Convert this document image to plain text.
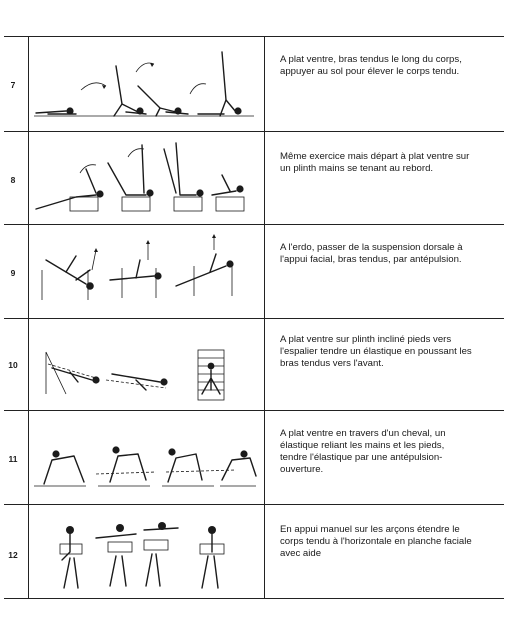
7
A plat ventre, bras tendus le long du corps,
appuyer au sol pour élever le corps tendu.
8
Même exercice mais départ à plat ventre sur
un plinth mains se tenant au rebord.
9
A l'erdo, passer de la suspension dorsale à
l'appui facial, bras tendus, par antépulsion.
10
A plat ventre sur plinth incliné pieds vers
l'espalier tendre un élastique en poussant les
bras tendus vers l'avant.
11
A plat ventre en travers d'un cheval, un
élastique reliant les mains et les pieds,
tendre l'élastique par une antépulsion-
ouverture.
12
En appui manuel sur les arçons étendre le
corps tendu à l'horizontale en planche faciale
avec aide
